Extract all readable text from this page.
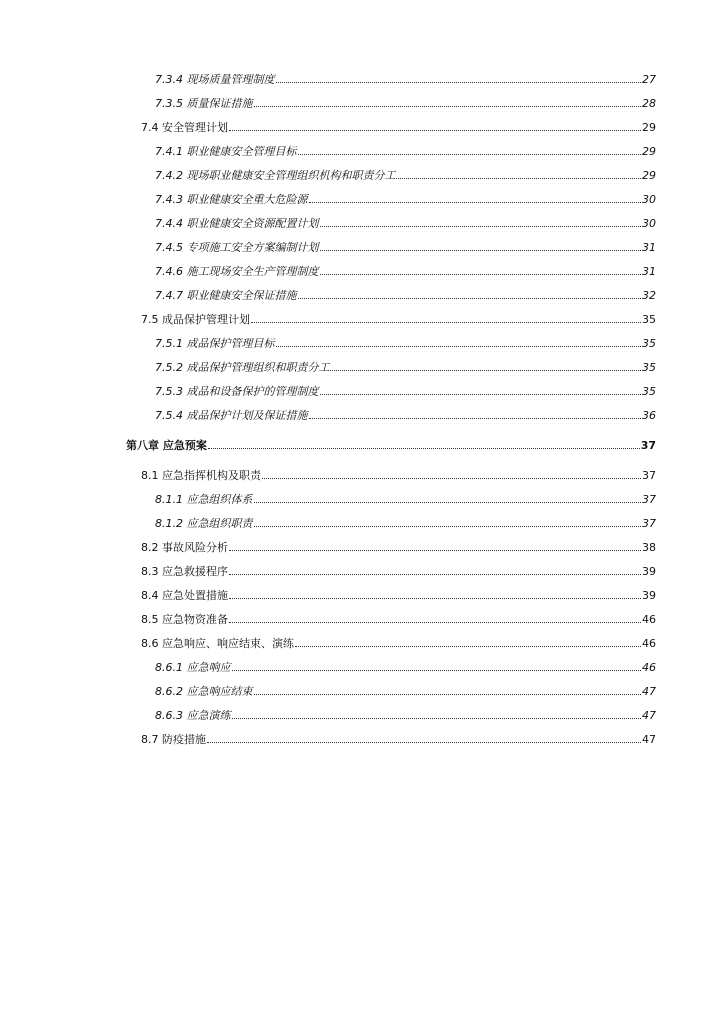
7.3.4 现场质量管理制度	27
7.3.5 质量保证措施	28
7.4 安全管理计划	29
7.4.1 职业健康安全管理目标	29
7.4.2 现场职业健康安全管理组织机构和职责分工	29
7.4.3 职业健康安全重大危险源	30
7.4.4 职业健康安全资源配置计划	30
7.4.5 专项施工安全方案编制计划	31
7.4.6 施工现场安全生产管理制度	31
7.4.7 职业健康安全保证措施	32
7.5 成品保护管理计划	35
7.5.1 成品保护管理目标	35
7.5.2 成品保护管理组织和职责分工	35
7.5.3 成品和设备保护的管理制度	35
7.5.4 成品保护计划及保证措施	36
第八章 应急预案	37
8.1 应急指挥机构及职责	37
8.1.1 应急组织体系	37
8.1.2 应急组织职责	37
8.2 事故风险分析	38
8.3 应急救援程序	39
8.4 应急处置措施	39
8.5 应急物资准备	46
8.6 应急响应、响应结束、演练	46
8.6.1 应急响应	46
8.6.2 应急响应结束	47
8.6.3 应急演练	47
8.7 防疫措施	47
